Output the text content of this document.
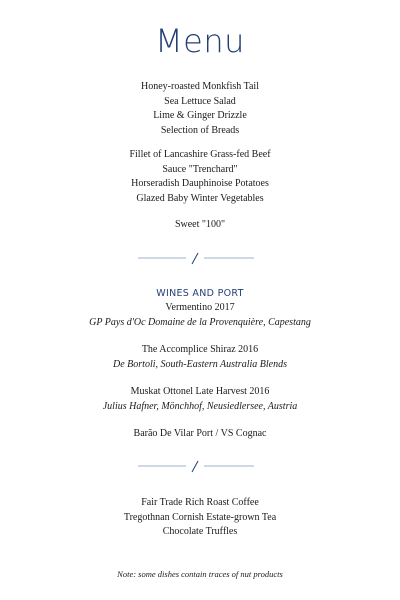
Menu
Honey-roasted Monkfish Tail
Sea Lettuce Salad
Lime & Ginger Drizzle
Selection of Breads
Fillet of Lancashire Grass-fed Beef
Sauce "Trenchard"
Horseradish Dauphinoise Potatoes
Glazed Baby Winter Vegetables
Sweet "100"
WINES AND PORT
Vermentino 2017
GP Pays d'Oc Domaine de la Provenquière, Capestang
The Accomplice Shiraz 2016
De Bortoli, South-Eastern Australia Blends
Muskat Ottonel Late Harvest 2016
Julius Hafner, Mönchhof, Neusiedlersee, Austria
Barão De Vilar Port / VS Cognac
Fair Trade Rich Roast Coffee
Tregothnan Cornish Estate-grown Tea
Chocolate Truffles
Note: some dishes contain traces of nut products
